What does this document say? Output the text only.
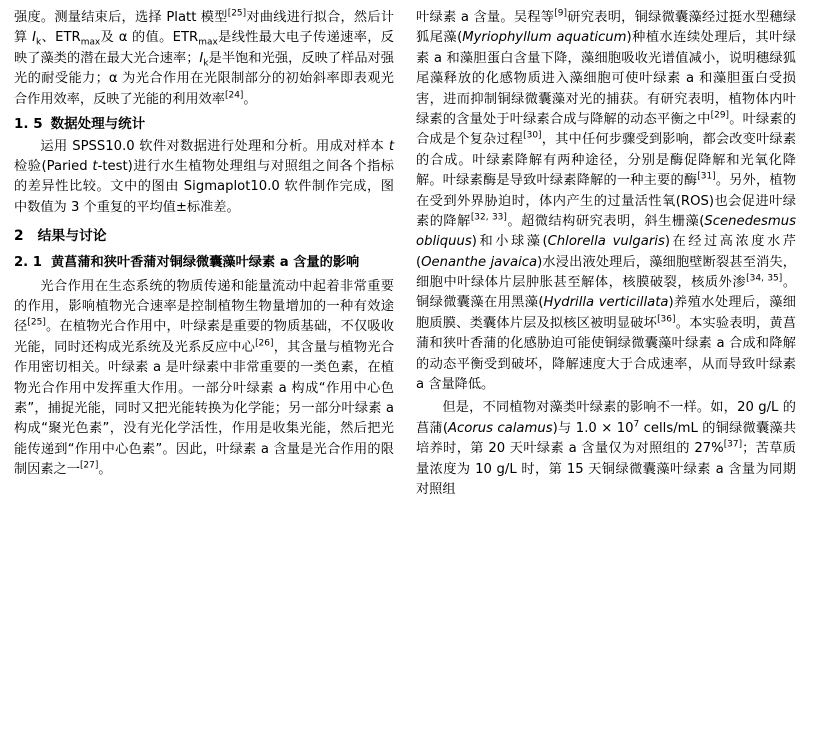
强度。测量结束后，选择 Platt 模型[25]对曲线进行拟合，然后计算 $I_k$、$ETR_{max}$及 α 的值。$ETR_{max}$是线性最大电子传递速率，反映了藻类的潜在最大光合速率；$I_k$是半饱和光强，反映了样品对强光的耐受能力；α 为光合作用在光限制部分的初始斜率即表观光合作用效率，反映了光能的利用效率[24]。

1. 5 数据处理与统计

运用 SPSS10.0 软件对数据进行处理和分析。用成对样本 t 检验(Paried t-test)进行水生植物处理组与对照组之间各个指标的差异性比较。文中的图由 Sigmaplot10.0 软件制作完成，图中数值为 3 个重复的平均值±标准差。

2 结果与讨论
2. 1 黄菖蒲和狭叶香蒲对铜绿微囊藻叶绿素 a 含量的影响

光合作用在生态系统的物质传递和能量流动中起着非常重要的作用，影响植物光合速率是控制植物生物量增加的一种有效途径[25]。在植物光合作用中，叶绿素是重要的物质基础，不仅吸收光能，同时还构成光系统及光系反应中心[26]，其含量与植物光合作用密切相关。叶绿素 a 是叶绿素中非常重要的一类色素，在植物光合作用中发挥重大作用。一部分叶绿素 a 构成“作用中心色素”，捕捉光能，同时又把光能转换为化学能；另一部分叶绿素 a 构成“聚光色素”，没有光化学活性，作用是收集光能，然后把光能传递到“作用中心色素”。因此，叶绿素 a 含量是光合作用的限制因素之一[27]。

叶绿素 a 含量。吴程等[9]研究表明，铜绿微囊藻经过挺水型穗绿狐尾藻(Myriophyllum aquaticum)种植水连续处理后，其叶绿素 a 和藻胆蛋白含量下降，藻细胞吸收光谱值减小，说明穗绿狐尾藻释放的化感物质进入藻细胞可使叶绿素 a 和藻胆蛋白受损害，进而抑制铜绿微囊藻对光的捕获。有研究表明，植物体内叶绿素的含量处于叶绿素合成与降解的动态平衡之中[29]。叶绿素的合成是个复杂过程[30]，其中任何步骤受到影响，都会改变叶绿素的合成。叶绿素降解有两种途径，分别是酶促降解和光氧化降解。叶绿素酶是导致叶绿素降解的一种主要的酶[31]。另外，植物在受到外界胁迫时，体内产生的过量活性氧(ROS)也会促进叶绿素的降解[32, 33]。超微结构研究表明，斜生栅藻(Scenedesmus obliquus)和小球藻(Chlorella vulgaris)在经过高浓度水芹(Oenanthe javaica)水浸出液处理后，藻细胞壁断裂甚至消失，细胞中叶绿体片层肿胀甚至解体，核膜破裂，核质外渗[34, 35]。 铜绿微囊藻在用黑藻(Hydrilla verticillata)养殖水处理后，藻细胞质膜、类囊体片层及拟核区被明显破坏[36]。本实验表明，黄菖蒲和狭叶香蒲的化感胁迫可能使铜绿微囊藻叶绿素 a 合成和降解的动态平衡受到破坏，降解速度大于合成速率，从而导致叶绿素 a 含量降低。

但是，不同植物对藻类叶绿素的影响不一样。如，20 g/L 的菖蒲(Acorus calamus)与 $1.0 \times 10^7$ cells/mL 的铜绿微囊藻共培养时，第 20 天叶绿素 a 含量仅为对照组的 27%[37]；苦草质量浓度为 10 g/L 时，第 15 天铜绿微囊藻叶绿素 a 含量为同期对照组
